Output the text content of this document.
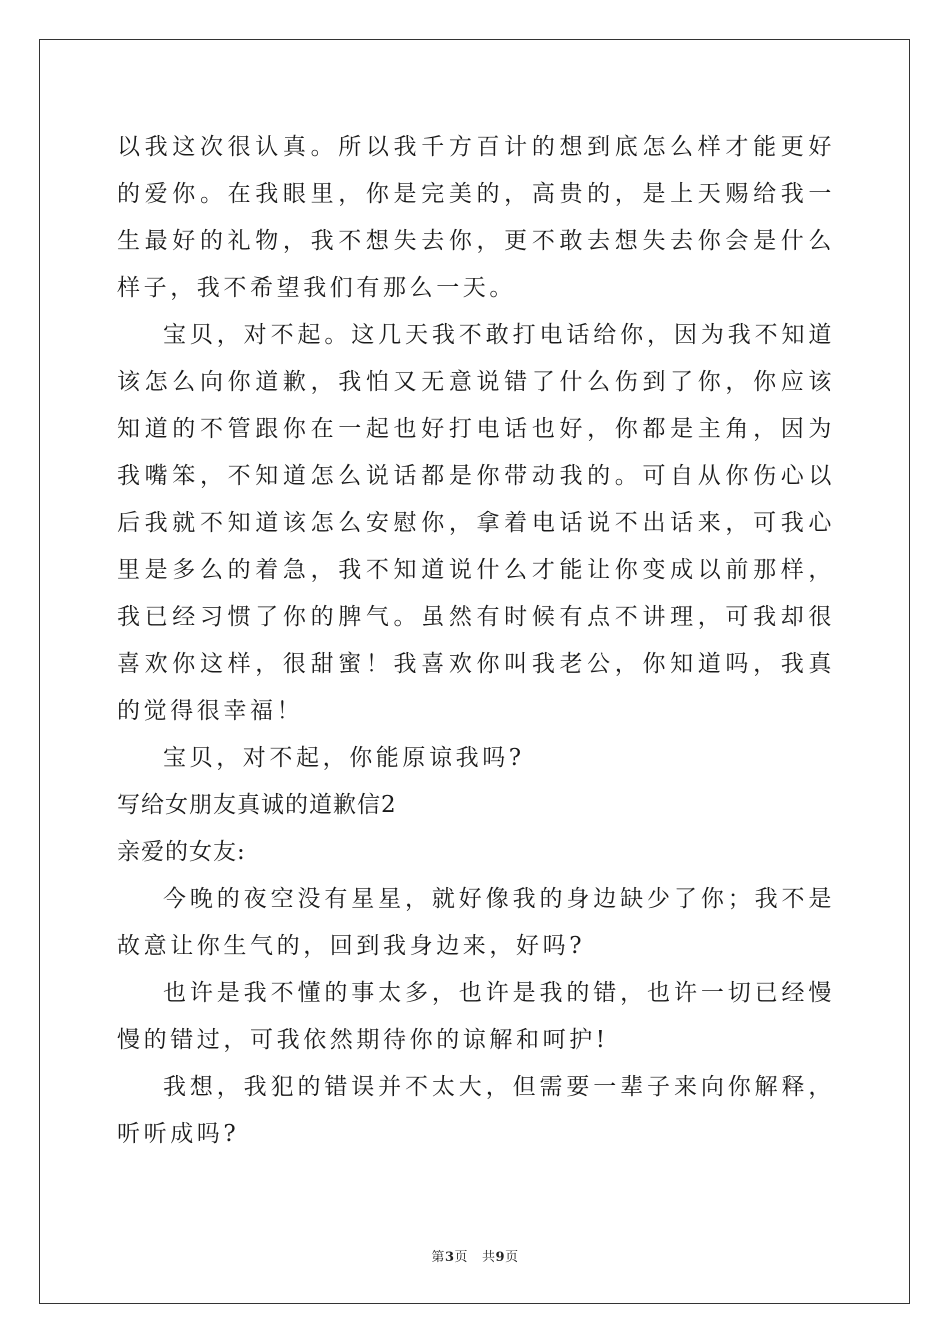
以我这次很认真。所以我千方百计的想到底怎么样才能更好的爱你。在我眼里，你是完美的，高贵的，是上天赐给我一生最好的礼物，我不想失去你，更不敢去想失去你会是什么样子，我不希望我们有那么一天。

宝贝，对不起。这几天我不敢打电话给你，因为我不知道该怎么向你道歉，我怕又无意说错了什么伤到了你，你应该知道的不管跟你在一起也好打电话也好，你都是主角，因为我嘴笨，不知道怎么说话都是你带动我的。可自从你伤心以后我就不知道该怎么安慰你，拿着电话说不出话来，可我心里是多么的着急，我不知道说什么才能让你变成以前那样，我已经习惯了你的脾气。虽然有时候有点不讲理，可我却很喜欢你这样，很甜蜜！我喜欢你叫我老公，你知道吗，我真的觉得很幸福！

宝贝，对不起，你能原谅我吗?

写给女朋友真诚的道歉信2

亲爱的女友:

今晚的夜空没有星星，就好像我的身边缺少了你；我不是故意让你生气的，回到我身边来，好吗?

也许是我不懂的事太多，也许是我的错，也许一切已经慢慢的错过，可我依然期待你的谅解和呵护!

我想，我犯的错误并不太大，但需要一辈子来向你解释，听听成吗?

第3页 共9页
